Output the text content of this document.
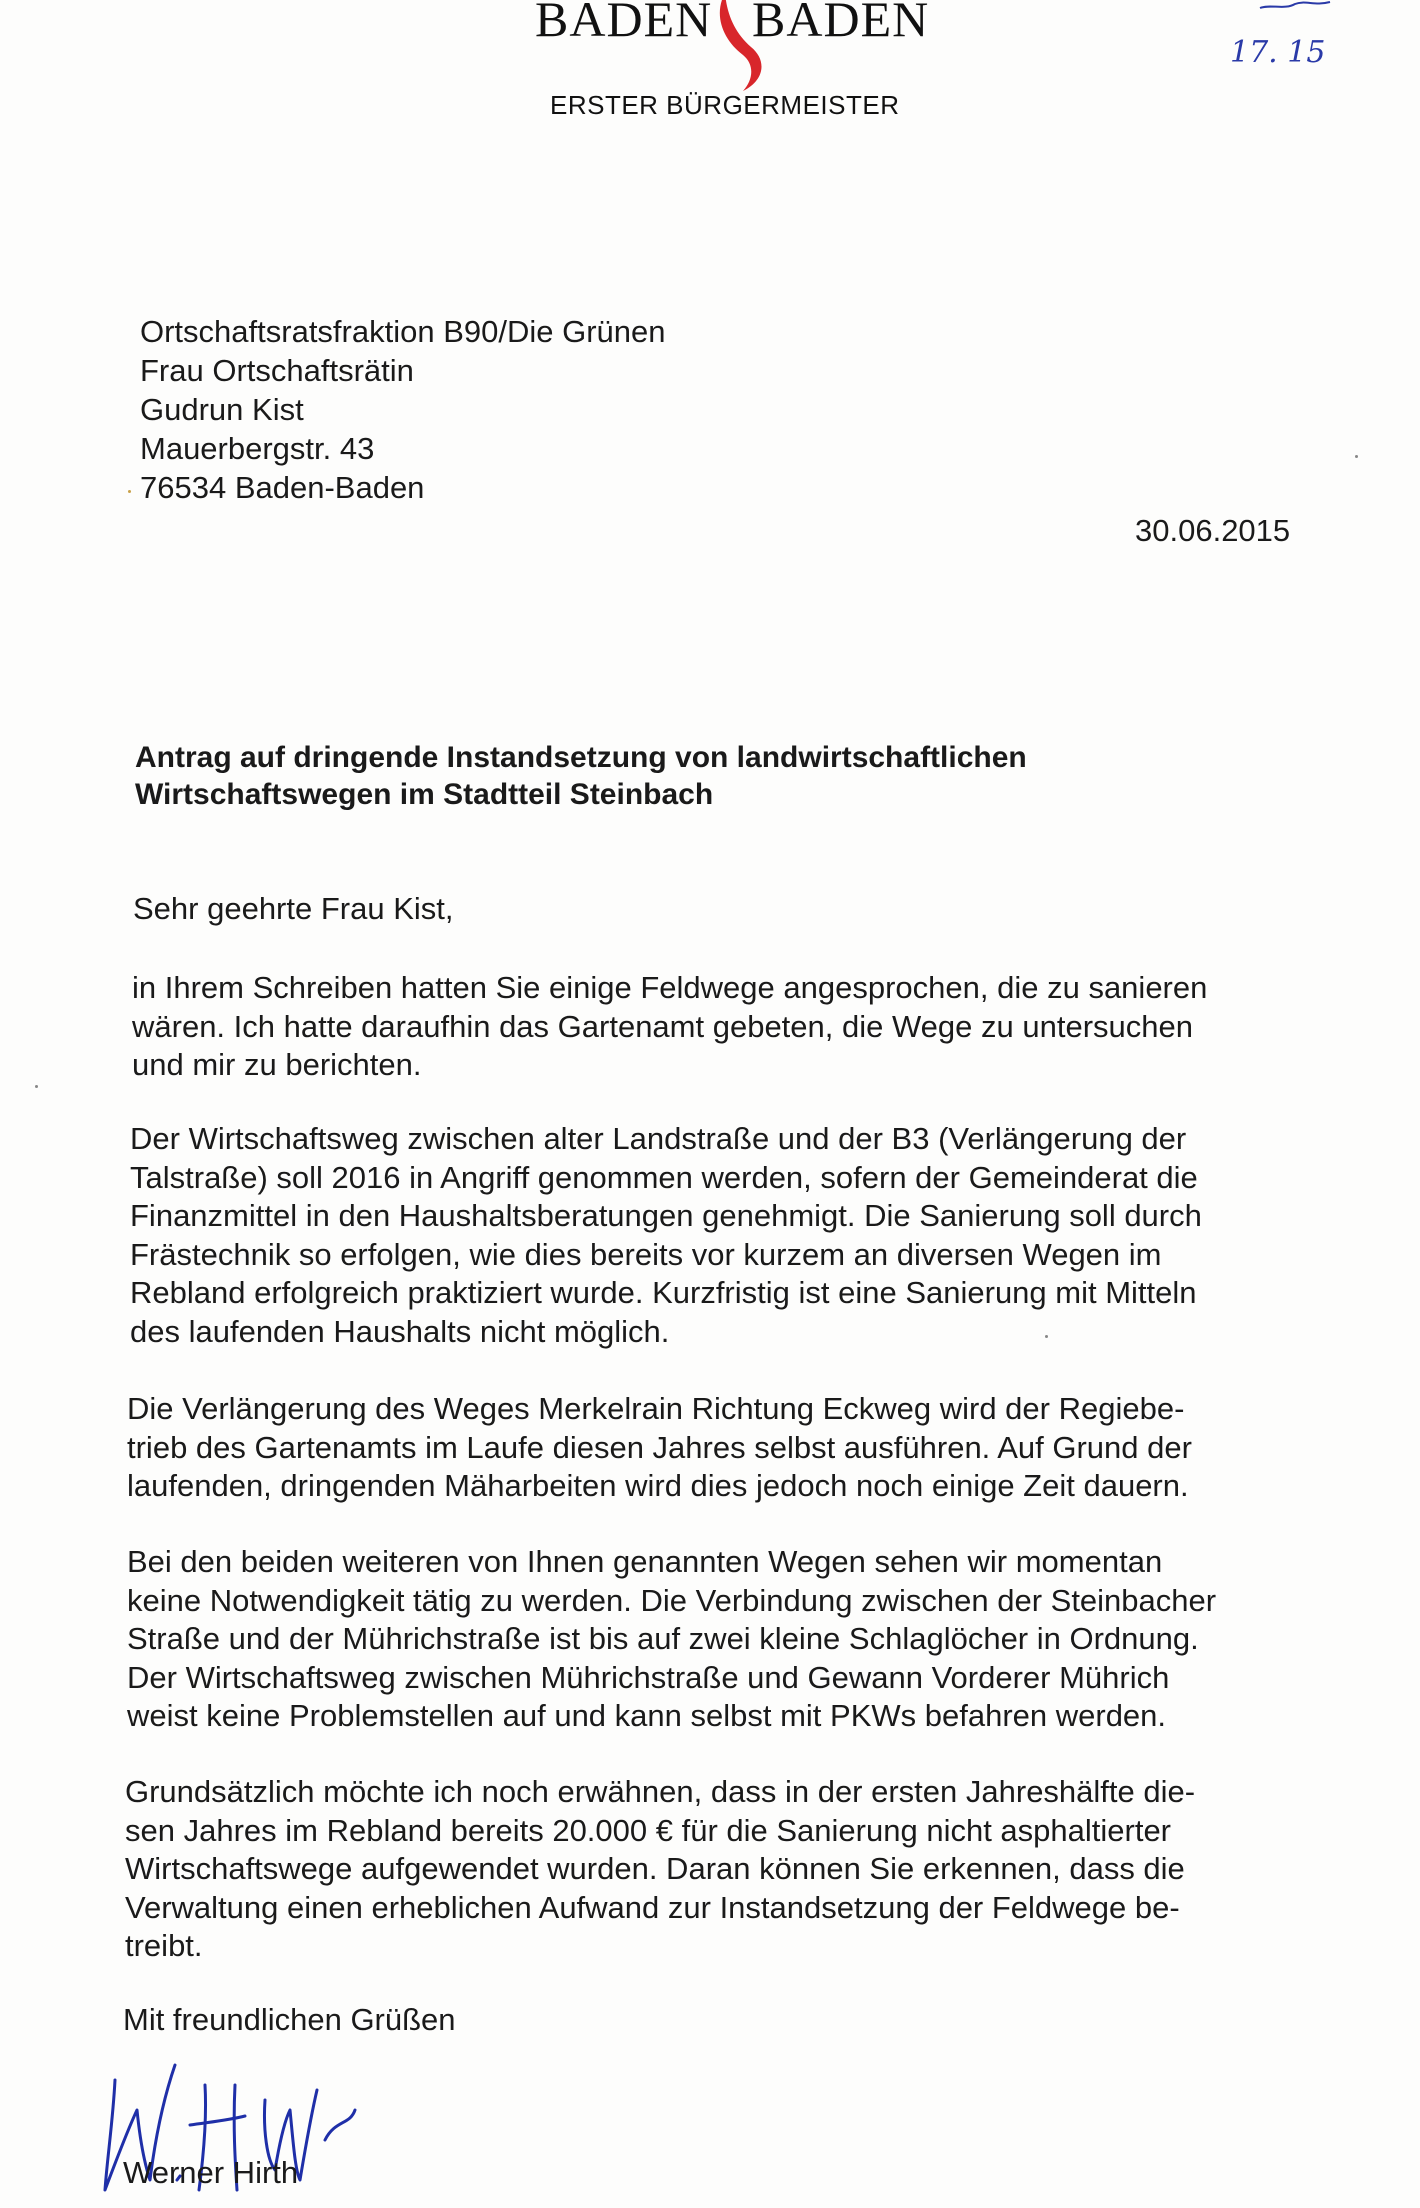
BADEN BADEN
ERSTER BÜRGERMEISTER
17. 15
Ortschaftsratsfraktion B90/Die Grünen
Frau Ortschaftsrätin
Gudrun Kist
Mauerbergstr. 43
76534 Baden-Baden
30.06.2015
Antrag auf dringende Instandsetzung von landwirtschaftlichen
Wirtschaftswegen im Stadtteil Steinbach
Sehr geehrte Frau Kist,
in Ihrem Schreiben hatten Sie einige Feldwege angesprochen, die zu sanieren
wären. Ich hatte daraufhin das Gartenamt gebeten, die Wege zu untersuchen
und mir zu berichten.
Der Wirtschaftsweg zwischen alter Landstraße und der B3 (Verlängerung der
Talstraße) soll 2016 in Angriff genommen werden, sofern der Gemeinderat die
Finanzmittel in den Haushaltsberatungen genehmigt. Die Sanierung soll durch
Frästechnik so erfolgen, wie dies bereits vor kurzem an diversen Wegen im
Rebland erfolgreich praktiziert wurde. Kurzfristig ist eine Sanierung mit Mitteln
des laufenden Haushalts nicht möglich.
Die Verlängerung des Weges Merkelrain Richtung Eckweg wird der Regiebe-
trieb des Gartenamts im Laufe diesen Jahres selbst ausführen. Auf Grund der
laufenden, dringenden Mäharbeiten wird dies jedoch noch einige Zeit dauern.
Bei den beiden weiteren von Ihnen genannten Wegen sehen wir momentan
keine Notwendigkeit tätig zu werden. Die Verbindung zwischen der Steinbacher
Straße und der Mührichstraße ist bis auf zwei kleine Schlaglöcher in Ordnung.
Der Wirtschaftsweg zwischen Mührichstraße und Gewann Vorderer Mührich
weist keine Problemstellen auf und kann selbst mit PKWs befahren werden.
Grundsätzlich möchte ich noch erwähnen, dass in der ersten Jahreshälfte die-
sen Jahres im Rebland bereits 20.000 € für die Sanierung nicht asphaltierter
Wirtschaftswege aufgewendet wurden. Daran können Sie erkennen, dass die
Verwaltung einen erheblichen Aufwand zur Instandsetzung der Feldwege be-
treibt.
Mit freundlichen Grüßen
Werner Hirth
